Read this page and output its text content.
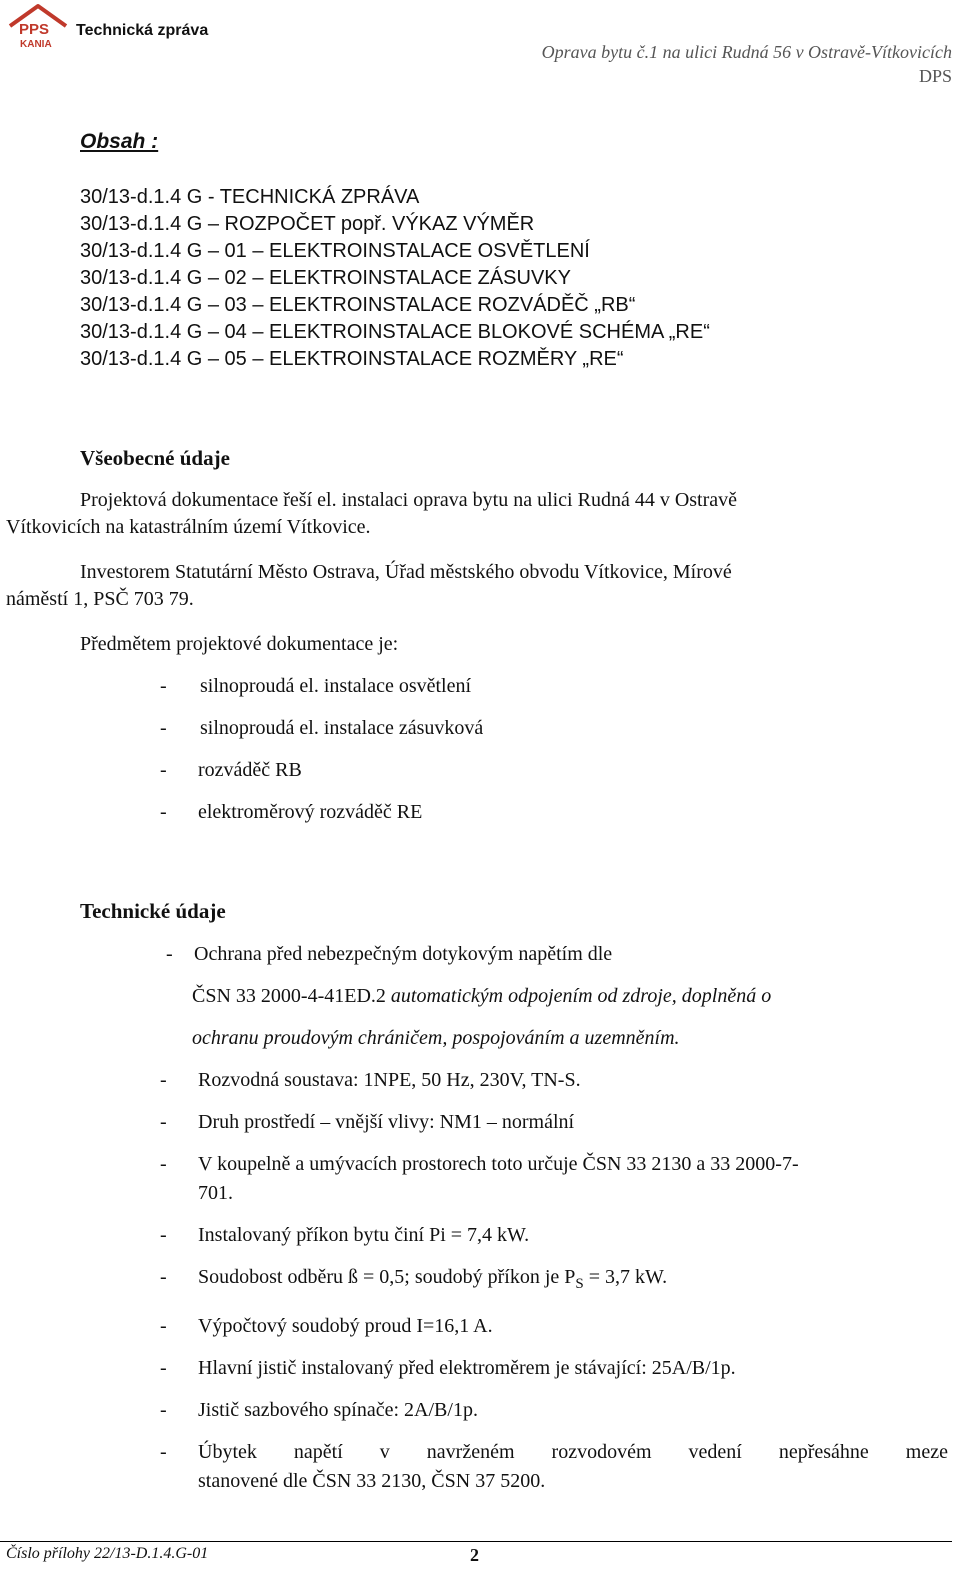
PPS
KANIA
Technická zpráva
Oprava bytu č.1 na ulici Rudná 56 v Ostravě-Vítkovicích
DPS
Obsah :
30/13-d.1.4 G - TECHNICKÁ ZPRÁVA
30/13-d.1.4 G – ROZPOČET popř. VÝKAZ VÝMĚR
30/13-d.1.4 G – 01 – ELEKTROINSTALACE OSVĚTLENÍ
30/13-d.1.4 G – 02 – ELEKTROINSTALACE ZÁSUVKY
30/13-d.1.4 G – 03 – ELEKTROINSTALACE ROZVÁDĚČ „RB“
30/13-d.1.4 G – 04 – ELEKTROINSTALACE BLOKOVÉ SCHÉMA „RE“
30/13-d.1.4 G – 05 – ELEKTROINSTALACE ROZMĚRY „RE“
Všeobecné údaje
Projektová dokumentace řeší el. instalaci oprava bytu na ulici Rudná 44 v Ostravě
Vítkovicích na katastrálním území Vítkovice.
Investorem Statutární Město Ostrava, Úřad městského obvodu Vítkovice, Mírové
náměstí 1, PSČ 703 79.
Předmětem projektové dokumentace je:
- silnoproudá el. instalace osvětlení
- silnoproudá el. instalace zásuvková
- rozváděč RB
- elektroměrový rozváděč RE
Technické údaje
- Ochrana před nebezpečným dotykovým napětím dle
ČSN 33 2000-4-41ED.2 automatickým odpojením od zdroje, doplněná o
ochranu proudovým chráničem, pospojováním a uzemněním.
- Rozvodná soustava: 1NPE, 50 Hz, 230V, TN-S.
- Druh prostředí – vnější vlivy: NM1 – normální
- V koupelně a umývacích prostorech toto určuje ČSN 33 2130 a 33 2000-7-
701.
- Instalovaný příkon bytu činí Pi = 7,4 kW.
- Soudobost odběru ß = 0,5; soudobý příkon je $P_S = 3,7$ kW.
- Výpočtový soudobý proud I=16,1 A.
- Hlavní jistič instalovaný před elektroměrem je stávající: 25A/B/1p.
- Jistič sazbového spínače: 2A/B/1p.
- Úbytek napětí v navrženém rozvodovém vedení nepřesáhne meze
stanovené dle ČSN 33 2130, ČSN 37 5200.
Číslo přílohy 22/13-D.1.4.G-01	2
